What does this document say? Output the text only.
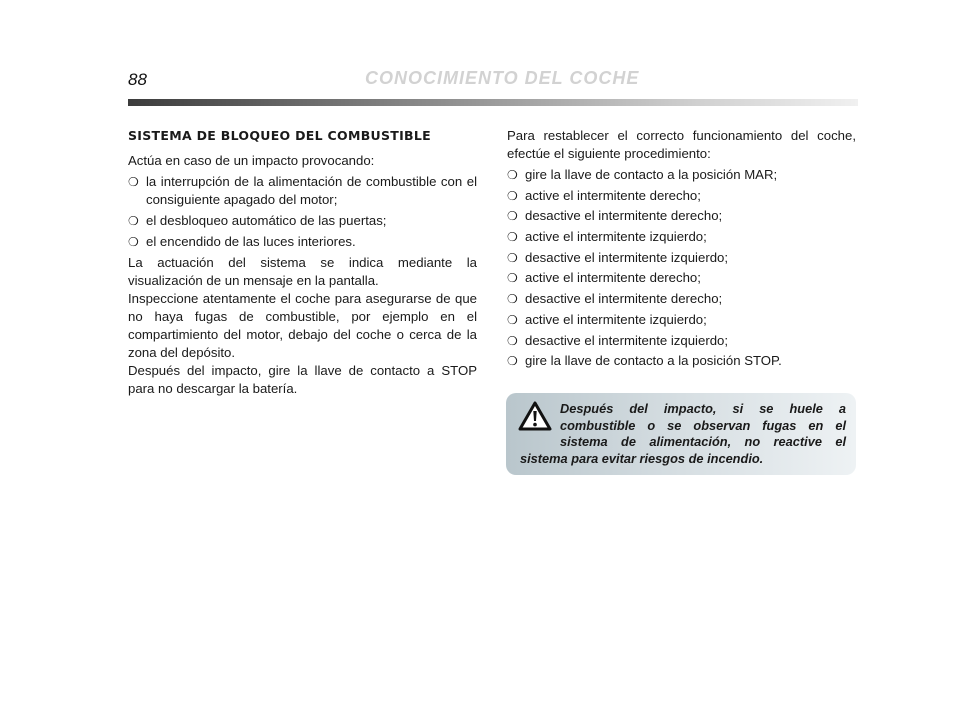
88	CONOCIMIENTO DEL COCHE
SISTEMA DE BLOQUEO DEL COMBUSTIBLE

Actúa en caso de un impacto provocando:

❍ la interrupción de la alimentación de combustible con el consiguiente apagado del motor;
❍ el desbloqueo automático de las puertas;
❍ el encendido de las luces interiores.

La actuación del sistema se indica mediante la visualización de un mensaje en la pantalla.

Inspeccione atentamente el coche para asegurarse de que no haya fugas de combustible, por ejemplo en el compartimiento del motor, debajo del coche o cerca de la zona del depósito.

Después del impacto, gire la llave de contacto a STOP para no descargar la batería.

Para restablecer el correcto funcionamiento del coche, efectúe el siguiente procedimiento:

❍ gire la llave de contacto a la posición MAR;
❍ active el intermitente derecho;
❍ desactive el intermitente derecho;
❍ active el intermitente izquierdo;
❍ desactive el intermitente izquierdo;
❍ active el intermitente derecho;
❍ desactive el intermitente derecho;
❍ active el intermitente izquierdo;
❍ desactive el intermitente izquierdo;
❍ gire la llave de contacto a la posición STOP.

Después del impacto, si se huele a combustible o se observan fugas en el sistema de alimentación, no reactive el sistema para evitar riesgos de incendio.
